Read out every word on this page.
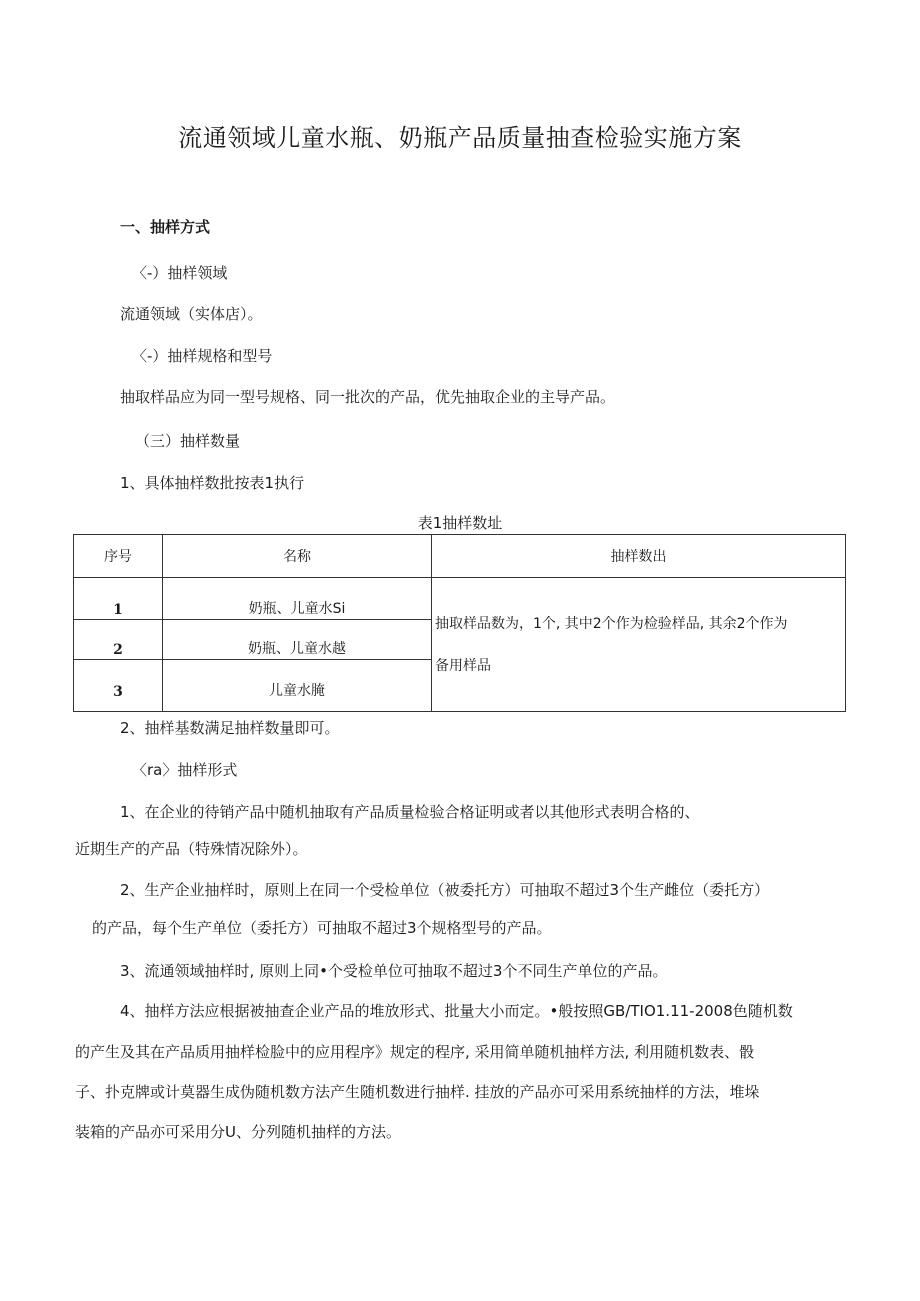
流通领域儿童水瓶、奶瓶产品质量抽查检验实施方案
一、抽样方式
〈-）抽样领域
流通领域（实体店）。
〈-）抽样规格和型号
抽取样品应为同一型号规格、同一批次的产品，优先抽取企业的主导产品。
（三）抽样数量
1、具体抽样数批按表1执行
表1抽样数址
序号	名称	抽样数出
1	奶瓶、儿童水Si	抽取样品数为，1个, 其中2个作为检验样品, 其余2个作为
备用样品

2	奶瓶、儿童水越	
3	儿童水腌	
2、抽样基数满足抽样数量即可。
〈ra〉抽样形式
1、在企业的待销产品中随机抽取有产品质量检验合格证明或者以其他形式表明合格的、
近期生产的产品（特殊情况除外）。
2、生产企业抽样时，原则上在同一个受检单位（被委托方）可抽取不超过3个生产雌位（委托方）
的产品，每个生产单位（委托方）可抽取不超过3个规格型号的产品。
3、流通领域抽样时, 原则上同•个受检单位可抽取不超过3个不同生产单位的产品。
4、抽样方法应根据被抽查企业产品的堆放形式、批量大小而定。•般按照GB/TIO1.11-2008色随机数
的产生及其在产品质用抽样检脸中的应用程序》规定的程序, 采用简单随机抽样方法, 利用随机数表、骰
子、扑克牌或计莫器生成伪随机数方法产生随机数进行抽样. 挂放的产品亦可采用系统抽样的方法，堆垛
装箱的产品亦可采用分U、分列随机抽样的方法。
